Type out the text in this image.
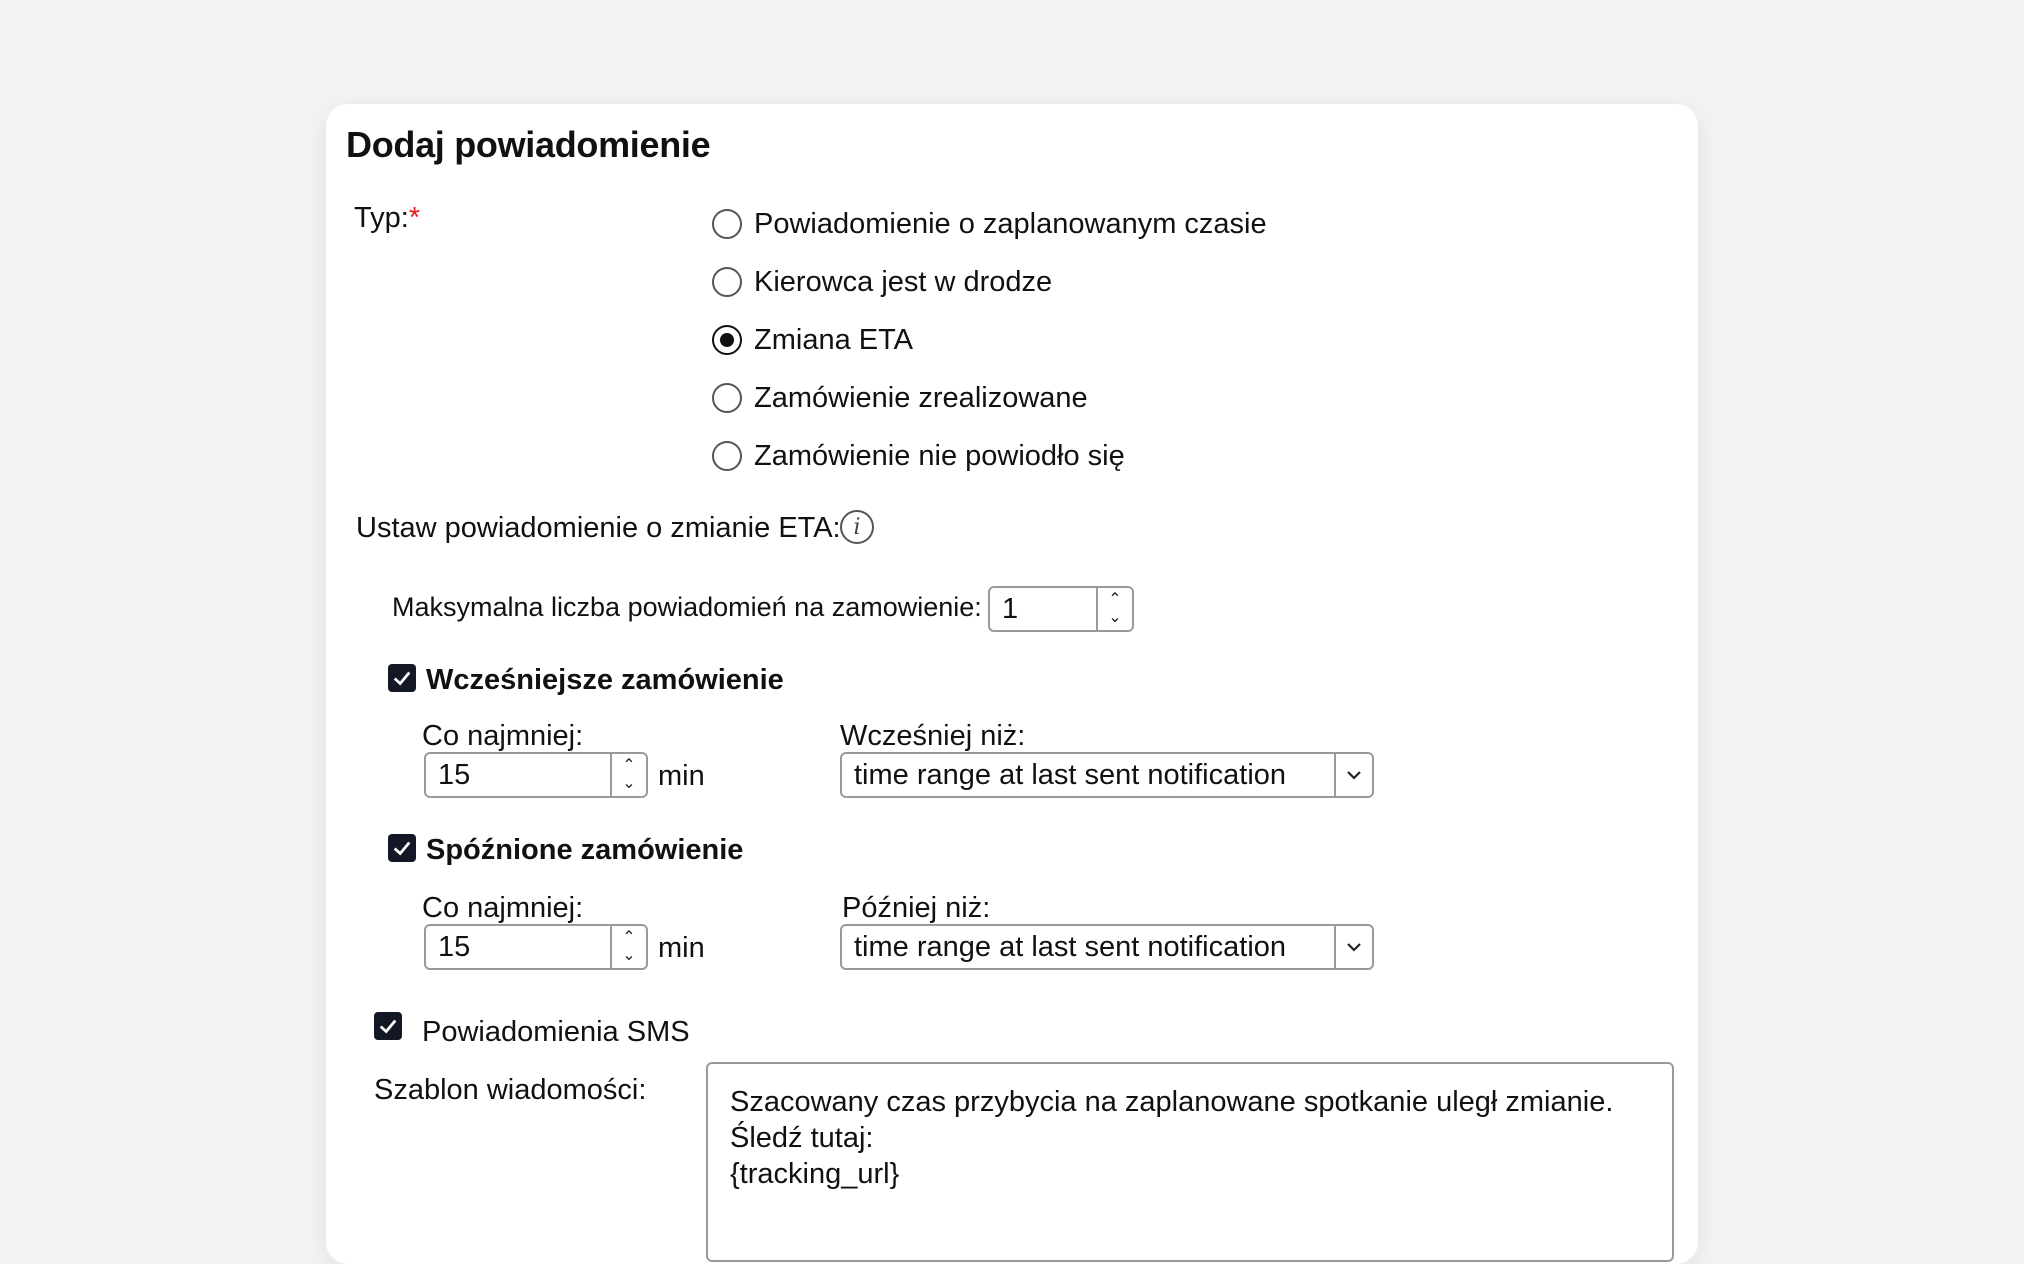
Dodaj powiadomienie
Typ:*	Powiadomienie o zaplanowanym czasie
Kierowca jest w drodze
Zmiana ETA
Zamówienie zrealizowane
Zamówienie nie powiodło się
Ustaw powiadomienie o zmianie ETA: i
Maksymalna liczba powiadomień na zamowienie: 1	⌃
⌄
Wcześniejsze zamówienie
Co najmniej:
15	⌃
⌄ min
Wcześniej niż:
time range at last sent notification
Spóźnione zamówienie
Co najmniej:
15	⌃
⌄ min
Później niż:
time range at last sent notification
Powiadomienia SMS
Szablon wiadomości:	Szacowany czas przybycia na zaplanowane spotkanie uległ zmianie.
Śledź tutaj:
{tracking_url}
